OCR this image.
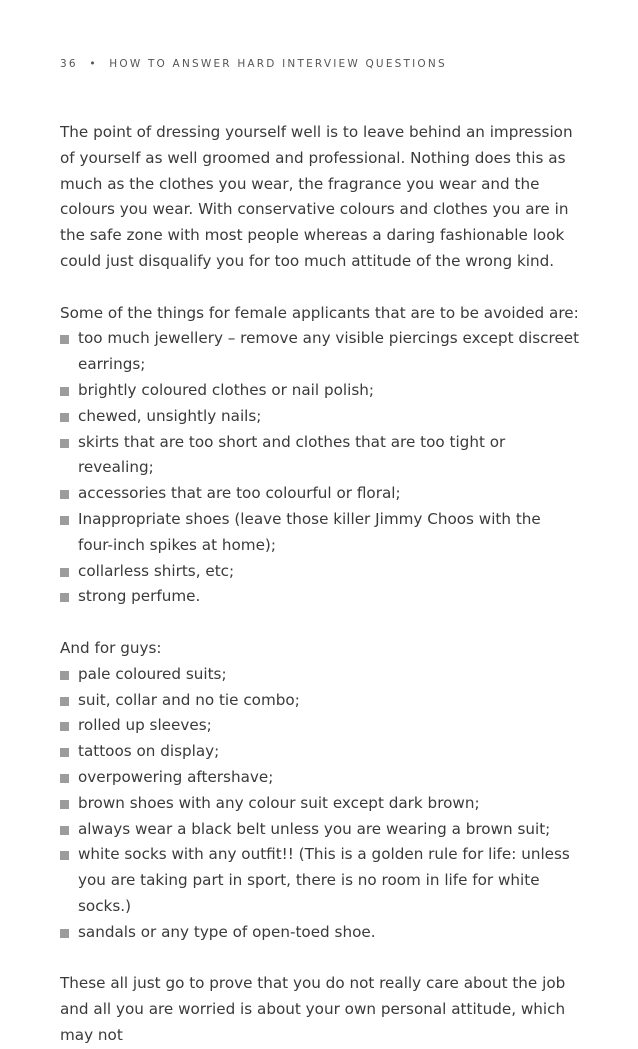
36 • HOW TO ANSWER HARD INTERVIEW QUESTIONS

The point of dressing yourself well is to leave behind an impression of yourself as well groomed and professional. Nothing does this as much as the clothes you wear, the fragrance you wear and the colours you wear. With conservative colours and clothes you are in the safe zone with most people whereas a daring fashionable look could just disqualify you for too much attitude of the wrong kind.

Some of the things for female applicants that are to be avoided are:

too much jewellery – remove any visible piercings except discreet earrings;
brightly coloured clothes or nail polish;
chewed, unsightly nails;
skirts that are too short and clothes that are too tight or revealing;
accessories that are too colourful or floral;
Inappropriate shoes (leave those killer Jimmy Choos with the four-inch spikes at home);
collarless shirts, etc;
strong perfume.

And for guys:

pale coloured suits;
suit, collar and no tie combo;
rolled up sleeves;
tattoos on display;
overpowering aftershave;
brown shoes with any colour suit except dark brown;
always wear a black belt unless you are wearing a brown suit;
white socks with any outfit!! (This is a golden rule for life: unless you are taking part in sport, there is no room in life for white socks.)
sandals or any type of open-toed shoe.

These all just go to prove that you do not really care about the job and all you are worried is about your own personal attitude, which may not
